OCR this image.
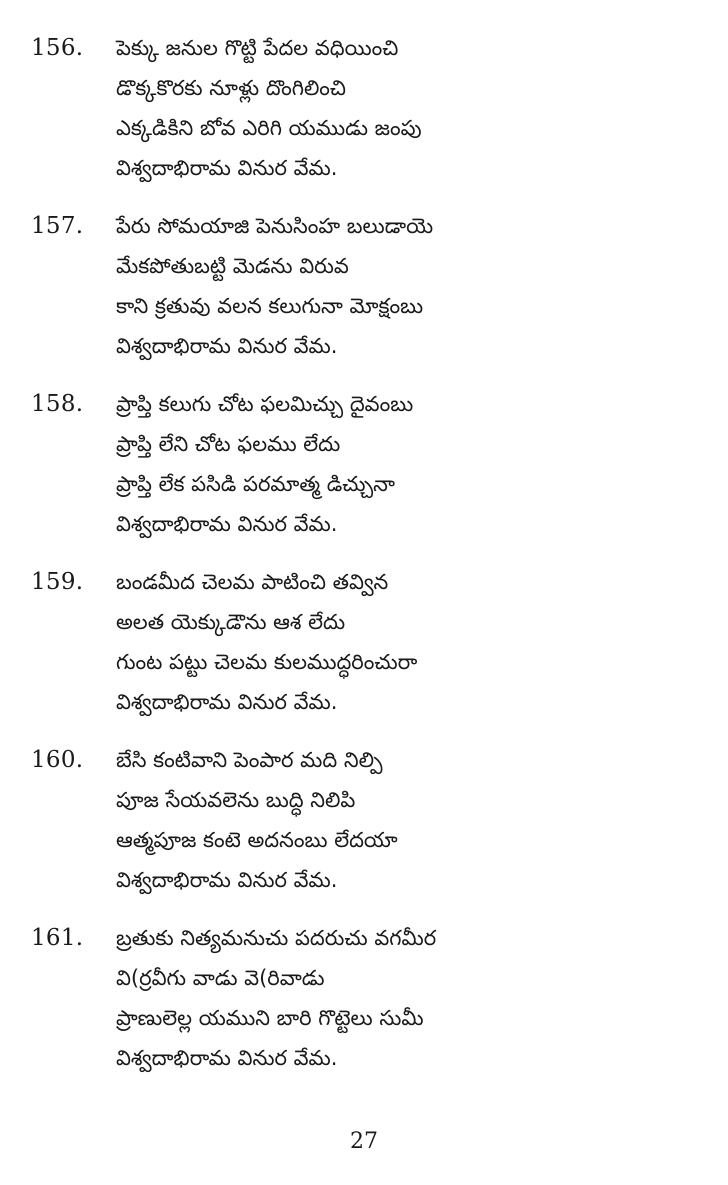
156. పెక్కు జనుల గొట్టి పేదల వధియించి
డొక్కకొరకు నూళ్లు దొంగిలించి
ఎక్కడికిని బోవ ఎరిగి యముడు జంపు
విశ్వదాభిరామ వినుర వేమ.
157. పేరు సోమయాజి పెనుసింహ బలుడాయె
మేకపోతుబట్టి మెడను విరువ
కాని క్రతువు వలన కలుగునా మోక్షంబు
విశ్వదాభిరామ వినుర వేమ.
158. ప్రాప్తి కలుగు చోట ఫలమిచ్చు దైవంబు
ప్రాప్తి లేని చోట ఫలము లేదు
ప్రాప్తి లేక పసిడి పరమాత్మ డిచ్చునా
విశ్వదాభిరామ వినుర వేమ.
159. బండమీద చెలమ పాటించి తవ్విన
అలత యెక్కుడౌను ఆశ లేదు
గుంట పట్టు చెలమ కులముద్ధరించురా
విశ్వదాభిరామ వినుర వేమ.
160. బేసి కంటివాని పెంపార మది నిల్పి
పూజ సేయవలెను బుద్ధి నిలిపి
ఆత్మపూజ కంటె అదనంబు లేదయా
విశ్వదాభిరామ వినుర వేమ.
161. బ్రతుకు నిత్యమనుచు పదరుచు వగమీర
వి(ర్రవీగు వాడు వె(రివాడు
ప్రాణులెల్ల యముని బారి గొట్టెలు సుమీ
విశ్వదాభిరామ వినుర వేమ.
27
